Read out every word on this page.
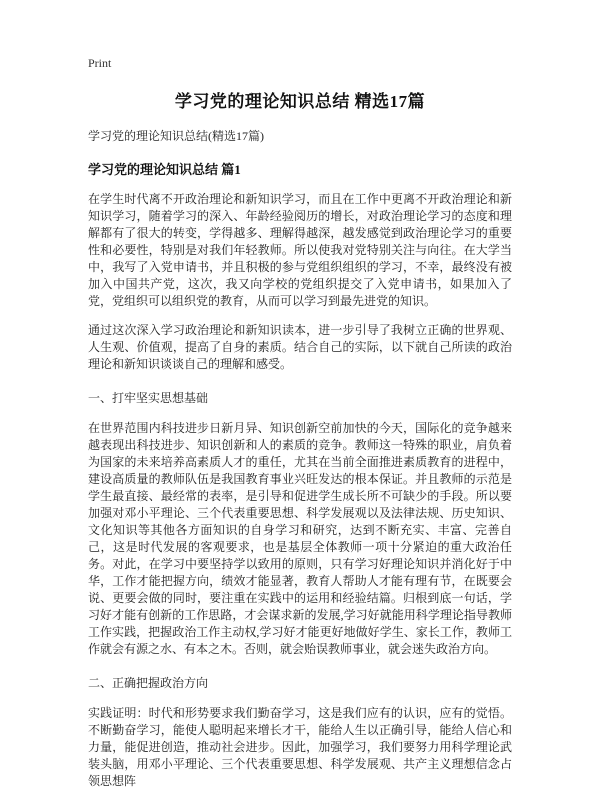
Print
学习党的理论知识总结 精选17篇
学习党的理论知识总结(精选17篇)
学习党的理论知识总结 篇1

在学生时代离不开政治理论和新知识学习，而且在工作中更离不开政治理论和新知识学习，随着学习的深入、年龄经验阅历的增长，对政治理论学习的态度和理解都有了很大的转变，学得越多、理解得越深，越发感觉到政治理论学习的重要性和必要性，特别是对我们年轻教师。所以使我对党特别关注与向往。在大学当中，我写了入党申请书，并且积极的参与党组织组织的学习，不幸，最终没有被加入中国共产党，这次，我又向学校的党组织提交了入党申请书，如果加入了党，党组织可以组织党的教育，从而可以学习到最先进党的知识。

通过这次深入学习政治理论和新知识读本，进一步引导了我树立正确的世界观、人生观、价值观，提高了自身的素质。结合自己的实际，以下就自己所读的政治理论和新知识谈谈自己的理解和感受。

一、打牢坚实思想基础

在世界范围内科技进步日新月异、知识创新空前加快的今天，国际化的竞争越来越表现出科技进步、知识创新和人的素质的竞争。教师这一特殊的职业，肩负着为国家的未来培养高素质人才的重任，尤其在当前全面推进素质教育的进程中，建设高质量的教师队伍是我国教育事业兴旺发达的根本保证。并且教师的示范是学生最直接、最经常的表率，是引导和促进学生成长所不可缺少的手段。所以要加强对邓小平理论、三个代表重要思想、科学发展观以及法律法规、历史知识、文化知识等其他各方面知识的自身学习和研究，达到不断充实、丰富、完善自己，这是时代发展的客观要求，也是基层全体教师一项十分紧迫的重大政治任务。对此，在学习中要坚持学以致用的原则，只有学习好理论知识并消化好于中华，工作才能把握方向，绩效才能显著，教育人帮助人才能有理有节，在既要会说、更要会做的同时，要注重在实践中的运用和经验结篇。归根到底一句话，学习好才能有创新的工作思路，才会谋求新的发展,学习好就能用科学理论指导教师工作实践，把握政治工作主动权,学习好才能更好地做好学生、家长工作，教师工作就会有源之水、有本之木。否则，就会贻误教师事业，就会迷失政治方向。

二、正确把握政治方向

实践证明：时代和形势要求我们勤奋学习，这是我们应有的认识，应有的觉悟。不断勤奋学习，能使人聪明起来增长才干，能给人生以正确引导，能给人信心和力量，能促进创造，推动社会进步。因此，加强学习，我们要努力用科学理论武装头脑，用邓小平理论、三个代表重要思想、科学发展观、共产主义理想信念占领思想阵
